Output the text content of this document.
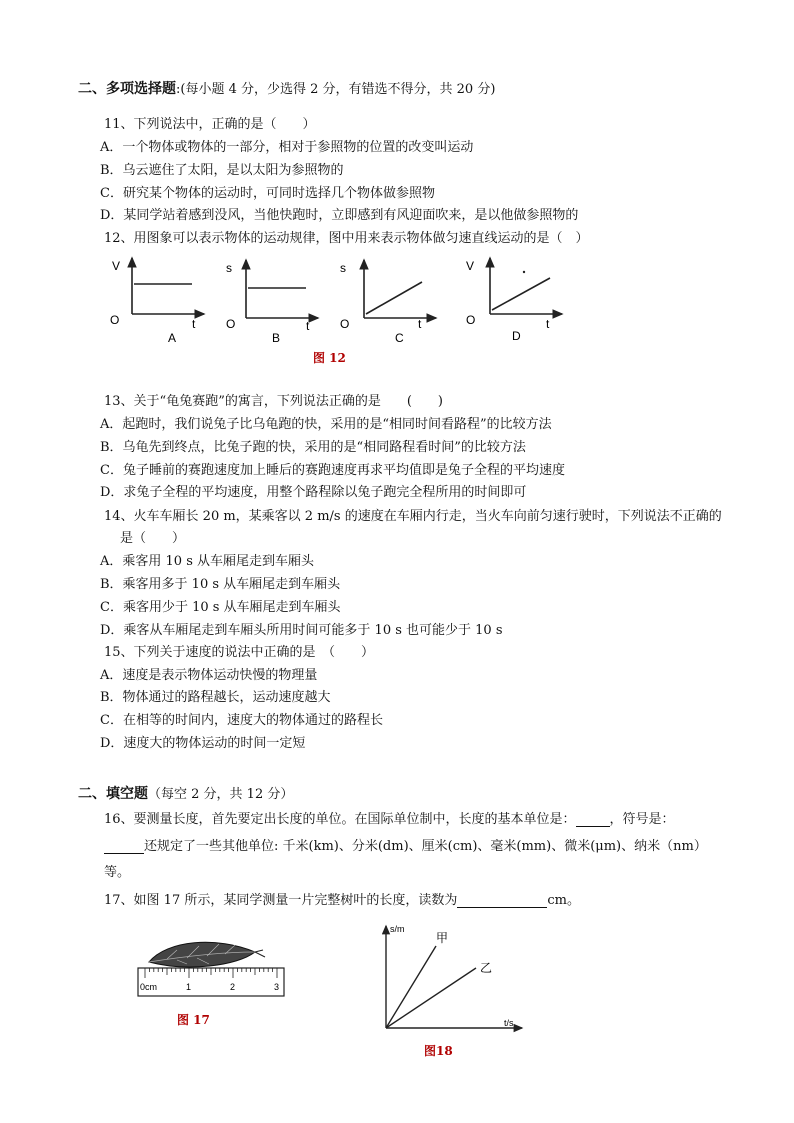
二、多项选择题:(每小题 4 分，少选得 2 分，有错选不得分，共 20 分)
11、下列说法中，正确的是（　　）
A．一个物体或物体的一部分，相对于参照物的位置的改变叫运动
B．乌云遮住了太阳，是以太阳为参照物的
C．研究某个物体的运动时，可同时选择几个物体做参照物
D．某同学站着感到没风，当他快跑时，立即感到有风迎面吹来，是以他做参照物的
12、用图象可以表示物体的运动规律，图中用来表示物体做匀速直线运动的是（　）
V
O	t
A
s
O	t
B
s
O	t
C
V
O	t
D
图 12
13、关于“龟兔赛跑”的寓言，下列说法正确的是　　(　　)
A．起跑时，我们说兔子比乌龟跑的快，采用的是“相同时间看路程”的比较方法
B．乌龟先到终点，比兔子跑的快，采用的是“相同路程看时间”的比较方法
C．兔子睡前的赛跑速度加上睡后的赛跑速度再求平均值即是兔子全程的平均速度
D．求兔子全程的平均速度，用整个路程除以兔子跑完全程所用的时间即可
14、火车车厢长 20 m，某乘客以 2 m/s 的速度在车厢内行走，当火车向前匀速行驶时，下列说法不正确的
是（　　）
A．乘客用 10 s 从车厢尾走到车厢头
B．乘客用多于 10 s 从车厢尾走到车厢头
C．乘客用少于 10 s 从车厢尾走到车厢头
D．乘客从车厢尾走到车厢头所用时间可能多于 10 s 也可能少于 10 s
15、下列关于速度的说法中正确的是　（　　）
A．速度是表示物体运动快慢的物理量
B．物体通过的路程越长，运动速度越大
C．在相等的时间内，速度大的物体通过的路程长
D．速度大的物体运动的时间一定短
二、填空题（每空 2 分，共 12 分）
16、要测量长度，首先要定出长度的单位。在国际单位制中，长度的基本单位是：	，符号是：
还规定了一些其他单位: 千米(km)、分米(dm)、厘米(cm)、毫米(mm)、微米(μm)、纳米（nm）
等。
17、如图 17 所示，某同学测量一片完整树叶的长度，读数为	cm。
0cm	1	2	3
图 17
s/m
t/s
甲
乙
图18
